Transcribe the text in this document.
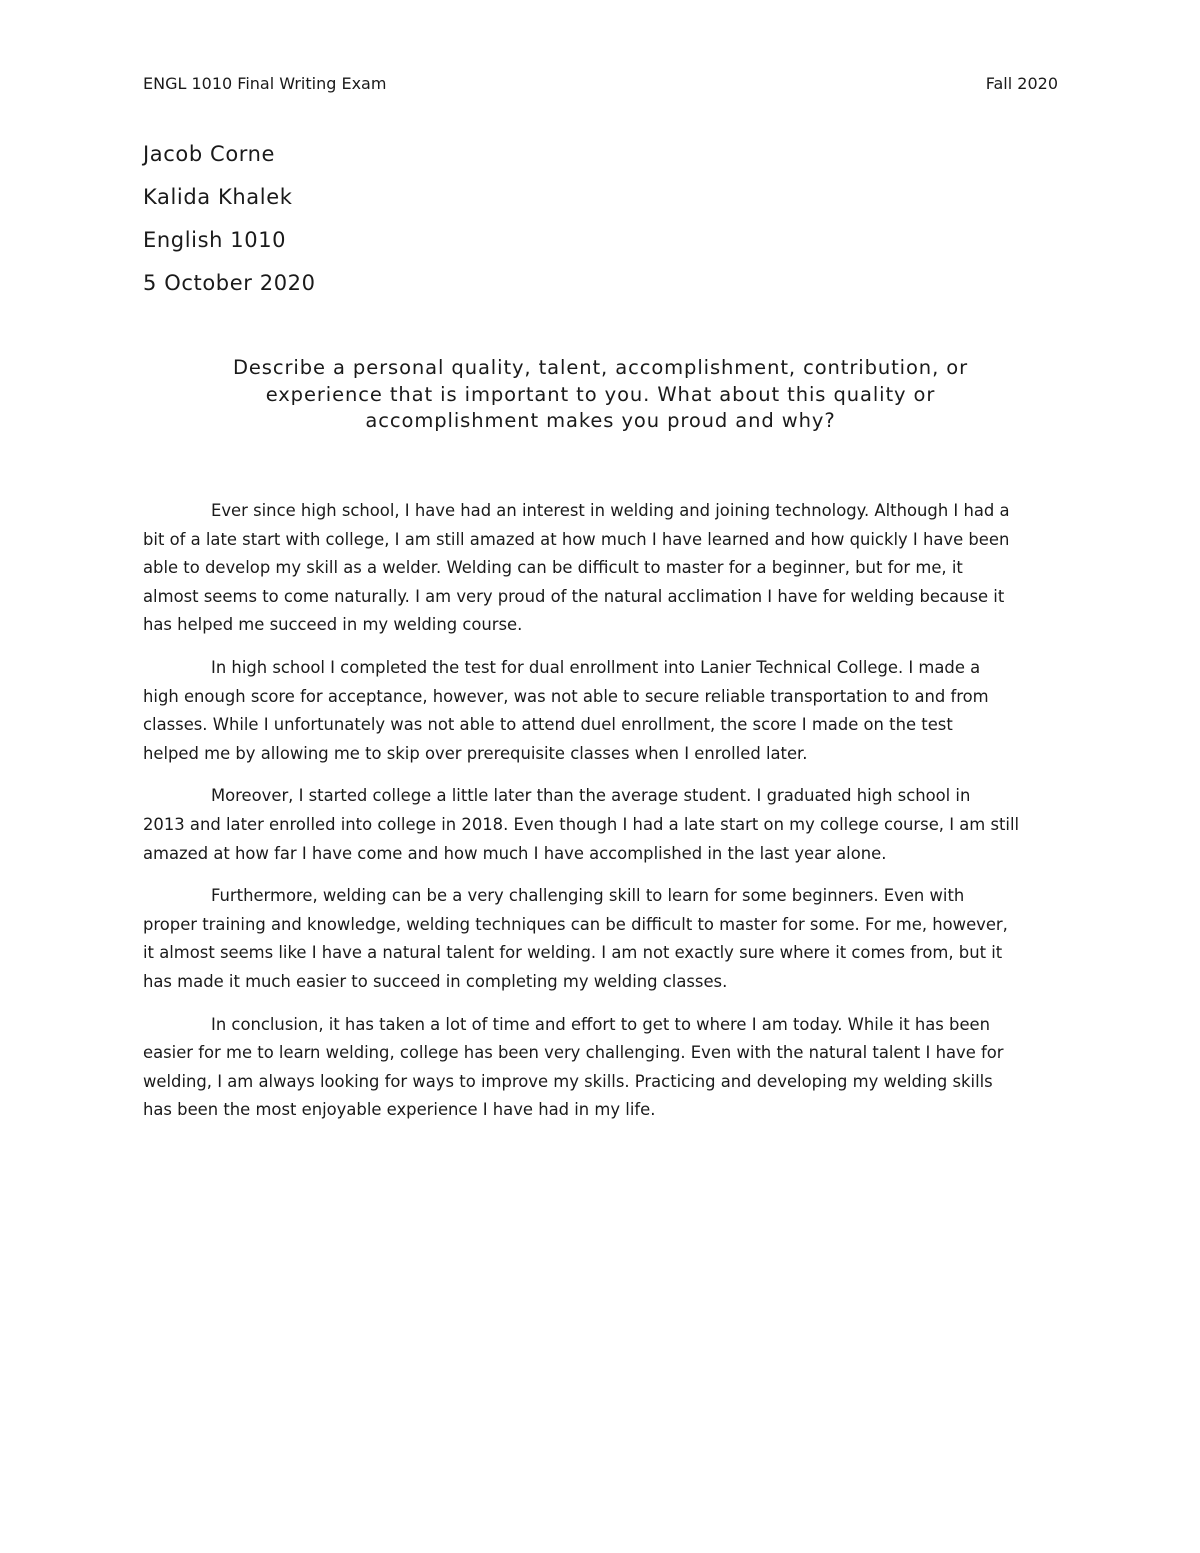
ENGL 1010 Final Writing Exam	Fall 2020
Jacob Corne
Kalida Khalek
English 1010
5 October 2020
Describe a personal quality, talent, accomplishment, contribution, or
experience that is important to you. What about this quality or
accomplishment makes you proud and why?
Ever since high school, I have had an interest in welding and joining technology. Although I had a
bit of a late start with college, I am still amazed at how much I have learned and how quickly I have been
able to develop my skill as a welder. Welding can be difficult to master for a beginner, but for me, it
almost seems to come naturally. I am very proud of the natural acclimation I have for welding because it
has helped me succeed in my welding course.
In high school I completed the test for dual enrollment into Lanier Technical College. I made a
high enough score for acceptance, however, was not able to secure reliable transportation to and from
classes. While I unfortunately was not able to attend duel enrollment, the score I made on the test
helped me by allowing me to skip over prerequisite classes when I enrolled later.
Moreover, I started college a little later than the average student. I graduated high school in
2013 and later enrolled into college in 2018. Even though I had a late start on my college course, I am still
amazed at how far I have come and how much I have accomplished in the last year alone.
Furthermore, welding can be a very challenging skill to learn for some beginners. Even with
proper training and knowledge, welding techniques can be difficult to master for some. For me, however,
it almost seems like I have a natural talent for welding. I am not exactly sure where it comes from, but it
has made it much easier to succeed in completing my welding classes.
In conclusion, it has taken a lot of time and effort to get to where I am today. While it has been
easier for me to learn welding, college has been very challenging. Even with the natural talent I have for
welding, I am always looking for ways to improve my skills. Practicing and developing my welding skills
has been the most enjoyable experience I have had in my life.
